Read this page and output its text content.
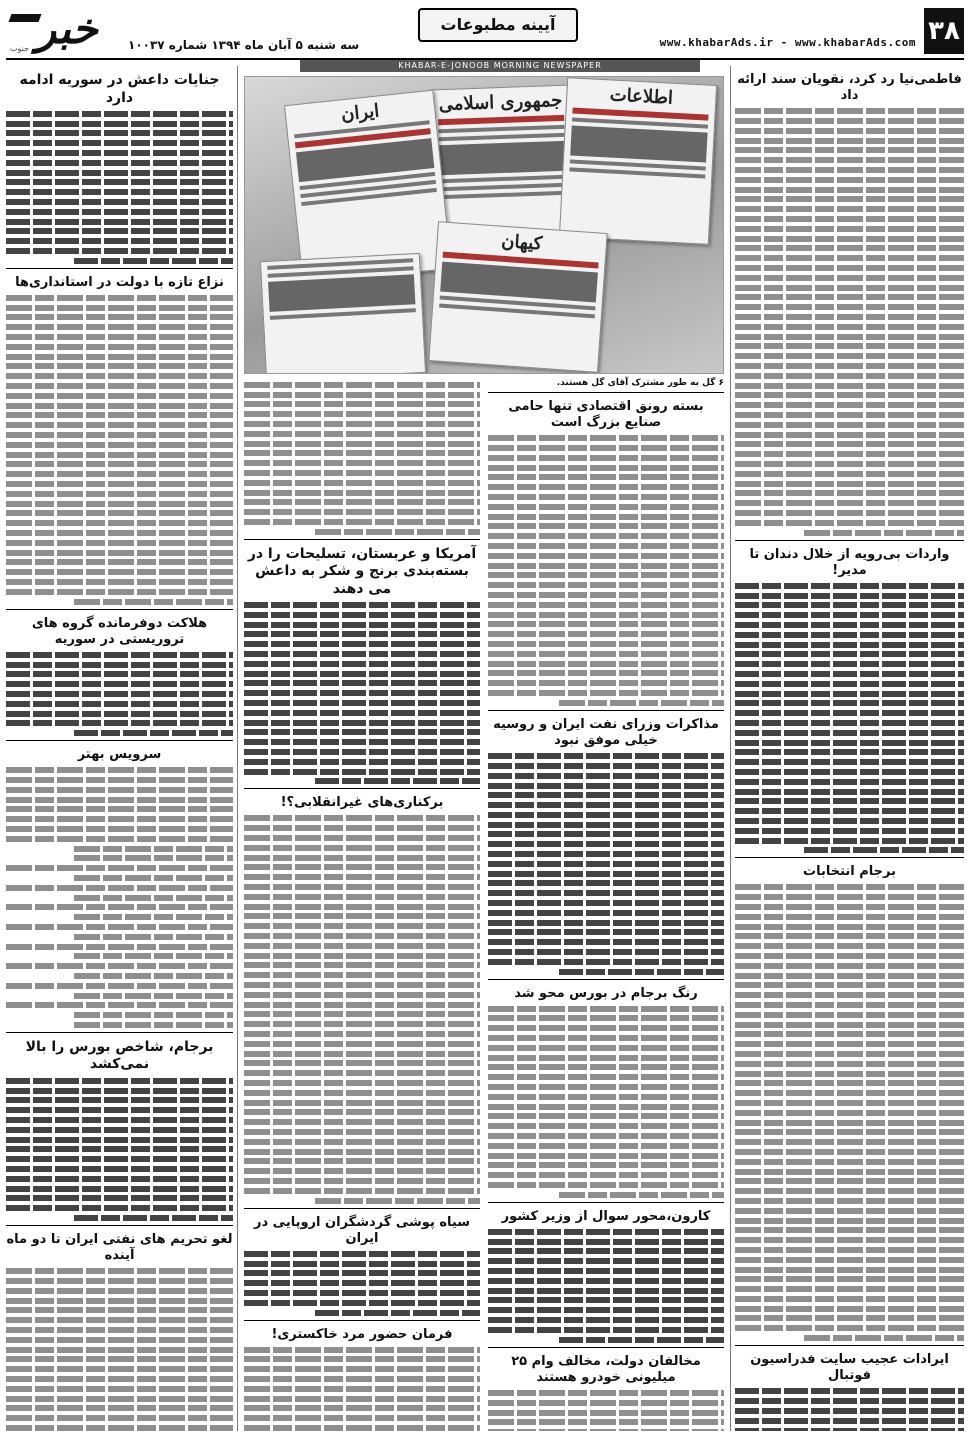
۳۸
www.khabarAds.ir - www.khabarAds.com
آیینه مطبوعات
خبر
جنوب	سه شنبه ۵ آبان ماه ۱۳۹۴ شماره ۱۰۰۳۷
KHABAR-E-JONOOB MORNING NEWSPAPER
فاطمی‌نیا رد کرد، نقویان سند ارائه داد
واردات بی‌رویه از خلال دندان تا مدیر!
برجام انتخابات
ایرادات عجیب سایت فدراسیون فوتبال
جمهوری اسلامی	اطلاعات
ایران
کیهان
۶ گل به طور مشترک آقای گل هستند.
بسته رونق اقتصادی تنها حامی صنایع بزرگ است
مذاکرات وزرای نفت ایران و روسیه خیلی موفق نبود
رنگ برجام در بورس محو شد
کارون،محور سوال از وزیر کشور
مخالفان دولت، مخالف وام ۲۵ میلیونی خودرو هستند
آمریکا و عربستان، تسلیحات را در بسته‌بندی برنج و شکر به داعش می دهند
برکناری‌های غیرانقلابی؟!
سیاه پوشی گردشگران اروپایی در ایران
فرمان حضور مرد خاکستری!
جنایات داعش در سوریه ادامه دارد
نزاع تازه با دولت در استانداری‌ها
هلاکت دوفرمانده گروه های تروریستی در سوریه
سرویس بهتر
برجام، شاخص بورس را بالا نمی‌کشد
لغو تحریم های نفتی ایران تا دو ماه آینده
